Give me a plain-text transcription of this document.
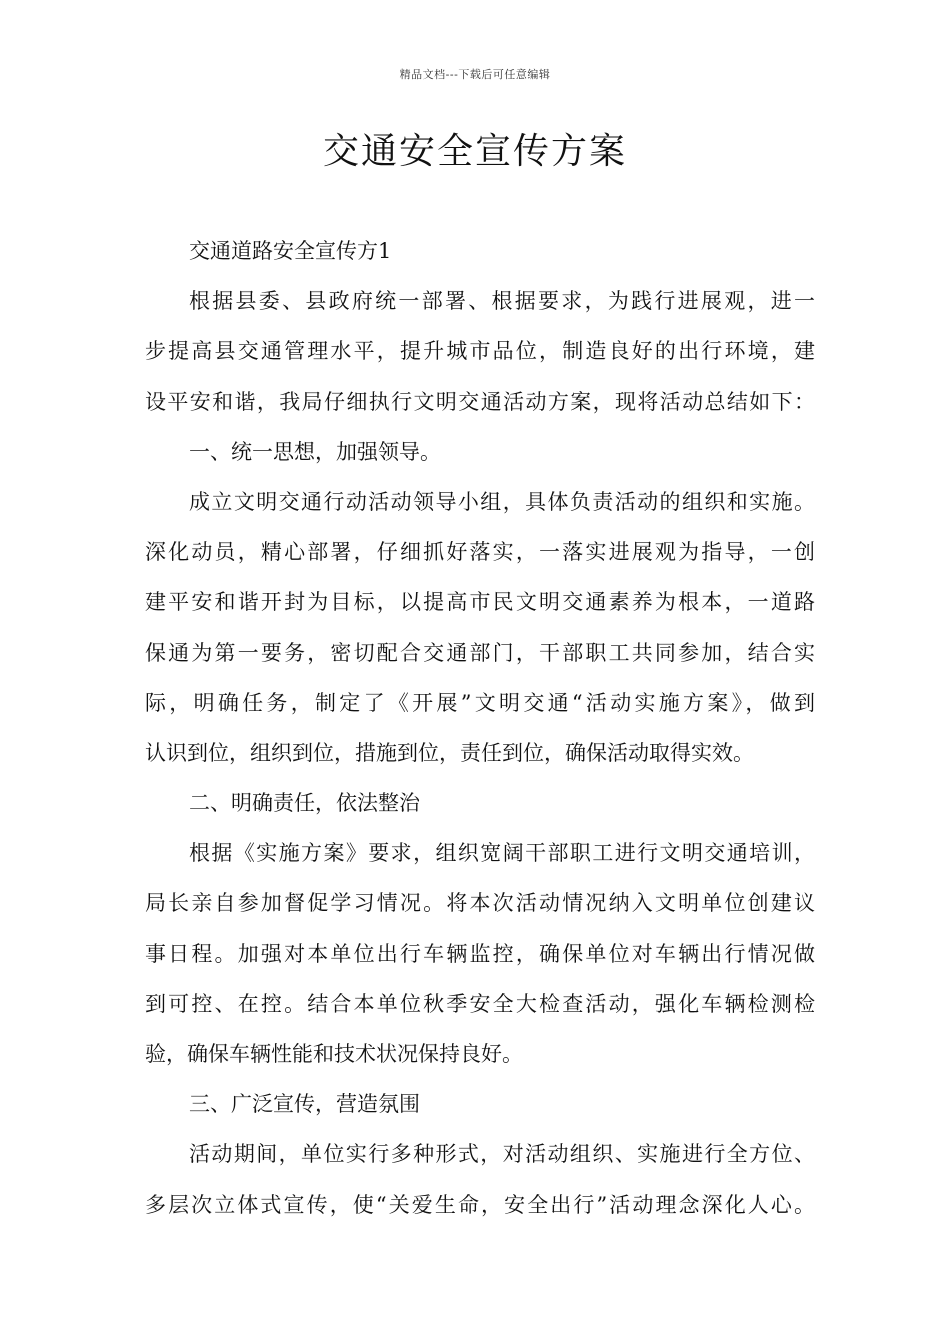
精品文档---下载后可任意编辑
交通安全宣传方案
交通道路安全宣传方1
根据县委、县政府统一部署、根据要求，为践行进展观，进一
步提高县交通管理水平，提升城市品位，制造良好的出行环境，建
设平安和谐，我局仔细执行文明交通活动方案，现将活动总结如下：
一、统一思想，加强领导。
成立文明交通行动活动领导小组，具体负责活动的组织和实施。
深化动员，精心部署，仔细抓好落实，一落实进展观为指导，一创
建平安和谐开封为目标，以提高市民文明交通素养为根本，一道路
保通为第一要务，密切配合交通部门，干部职工共同参加，结合实
际，明确任务，制定了《开展”文明交通“活动实施方案》，做到
认识到位，组织到位，措施到位，责任到位，确保活动取得实效。
二、明确责任，依法整治
根据《实施方案》要求，组织宽阔干部职工进行文明交通培训，
局长亲自参加督促学习情况。将本次活动情况纳入文明单位创建议
事日程。加强对本单位出行车辆监控，确保单位对车辆出行情况做
到可控、在控。结合本单位秋季安全大检查活动，强化车辆检测检
验，确保车辆性能和技术状况保持良好。
三、广泛宣传，营造氛围
活动期间，单位实行多种形式，对活动组织、实施进行全方位、
多层次立体式宣传，使“关爱生命，安全出行”活动理念深化人心。
